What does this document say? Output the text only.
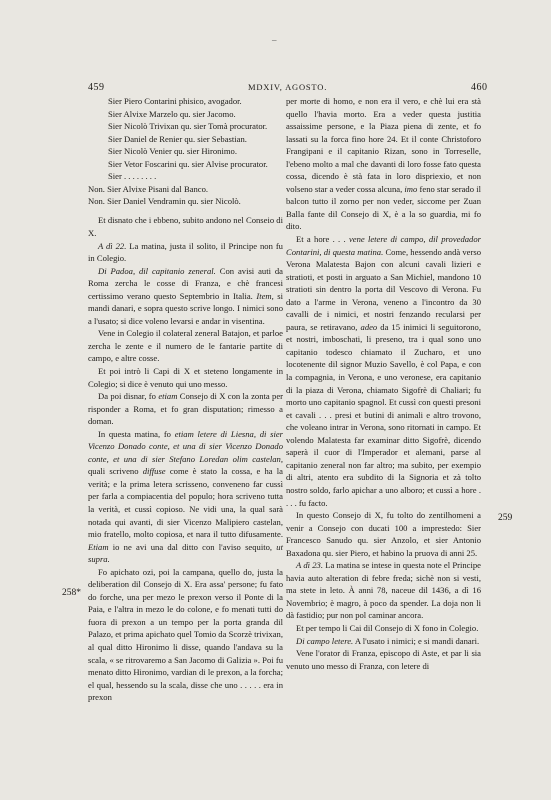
–
459	MDXIV, AGOSTO.	460
258*
259
Sier Piero Contarini phisico, avogador.
Sier Alvixe Marzelo qu. sier Jacomo.
Sier Nicolò Trivixan qu. sier Tomà procurator.
Sier Daniel de Renier qu. sier Sebastian.
Sier Nicolò Venier qu. sier Hironimo.
Sier Vetor Foscarini qu. sier Alvise procurator.
Sier . . . . . . . .
Non. Sier Alvixe Pisani dal Banco.
Non. Sier Daniel Vendramin qu. sier Nicolò.

Et disnato che i ebbeno, subito andono nel Conseio di X.

A dì 22. La matina, justa il solito, il Principe non fu in Colegio.

Di Padoa, dil capitanio zeneral. Con avisi auti da Roma zercha le cosse di Franza, e chè francesi certissimo verano questo Septembrio in Italia. Item, si mandi danari, e sopra questo scrive longo. I nimici sono a l'usato; si dice voleno levarsi e andar in visentina.

Vene in Colegio il colateral zeneral Batajon, et parloe zercha le zente e il numero de le fantarie partite di campo, e altre cosse.

Et poi intrò li Capi di X et steteno longamente in Colegio; si dice è venuto qui uno messo.

Da poi disnar, fo etiam Consejo di X con la zonta per risponder a Roma, et fo gran disputation; rimesso a doman.

In questa matina, fo etiam letere di Liesna, di sier Vicenzo Donado conte, et una di sier Vicenzo Donado conte, et una di sier Stefano Loredan olim castelan, quali scriveno diffuse come è stato la cossa, e ha la verità; e la prima letera scrisseno, conveneno far cussì per farla a compiacentia del populo; hora scriveno tutta la verità, et cussì copioso. Ne vidi una, la qual sarà notada qui avanti, di sier Vicenzo Malipiero castelan, mio fratello, molto copiosa, et nara il tutto difusamente. Etiam io ne avi una dal ditto con l'aviso sequito, ut supra.

Fo apichato ozi, poi la campana, quello do, justa la deliberation dil Consejo di X. Era assa' persone; fu fato do forche, una per mezo le prexon verso il Ponte di la Paia, e l'altra in mezo le do colone, e fo menati tutti do fuora di prexon a un tempo per la porta granda dil Palazo, et prima apichato quel Tomio da Scorzè trivixan, al qual ditto Hironimo li disse, quando l'andava su la scala, « se ritrovaremo a San Jacomo di Galizia ». Poi fu menato ditto Hironimo, vardian di le prexon, a la forcha; el qual, hessendo su la scala, disse che uno . . . . . era in prexon

per morte di homo, e non era il vero, e chè lui era stà quello l'havia morto. Era a veder questa justitia assaissime persone, e la Piaza piena di zente, et fo lassati su la forca fino hore 24. Et il conte Christoforo Frangipani e il capitanio Rizan, sono in Torreselle, l'ebeno molto a mal che davanti di loro fosse fato questa cossa, dicendo è stà fata in loro dispriexio, et non volseno star a veder cossa alcuna, imo feno star serado il balcon tutto il zorno per non veder, siccome per Zuan Balla fante dil Consejo di X, è a la so guardia, mi fo dito.

Et a hore . . . vene letere di campo, dil provedador Contarini, di questa matina. Come, hessendo andà verso Verona Malatesta Bajon con alcuni cavali lizieri e stratioti, et posti in arguato a San Michiel, mandono 10 stratioti sin dentro la porta dil Vescovo di Verona. Fu dato a l'arme in Verona, veneno a l'incontro da 30 cavalli de i nimici, et nostri fenzando recularsi per paura, se retiravano, adeo da 15 inimici li seguitorono, et nostri, imboschati, li preseno, tra i qual sono uno capitanio todesco chiamato il Zucharo, et uno locotenente dil signor Muzio Savello, è col Papa, e con la compagnia, in Verona, e uno veronese, era capitanio di la piaza di Verona, chiamato Sigofrè di Chaliari; fu morto uno capitanio spagnol. Et cussì con questi presoni et cavali . . . presi et butini di animali e altro trovono, che voleano intrar in Verona, sono ritornati in campo. Et volendo Malatesta far examinar ditto Sigofrè, dicendo saperà il cuor di l'Imperador et alemani, parse al capitanio zeneral non far altro; ma subito, per exempio di altri, atento era subdito di la Signoria et zà tolto nostro soldo, farlo apichar a uno alboro; et cussì a hore . . . . fu facto.

In questo Consejo di X, fu tolto do zentilhomeni a venir a Consejo con ducati 100 a imprestedo: Sier Francesco Sanudo qu. sier Anzolo, et sier Antonio Baxadona qu. sier Piero, et habino la pruova di anni 25.

A dì 23. La matina se intese in questa note el Principe havia auto alteration di febre freda; sichè non si vesti, ma stete in leto. À anni 78, naceue dil 1436, a dì 16 Novembrio; è magro, à poco da spender. La doja non li dà fastidio; pur non pol caminar ancora.

Et per tempo li Cai dil Consejo di X fono in Colegio.

Di campo letere. A l'usato i nimici; e si mandi danari.

Vene l'orator di Franza, episcopo di Aste, et par li sia venuto uno messo di Franza, con letere di
